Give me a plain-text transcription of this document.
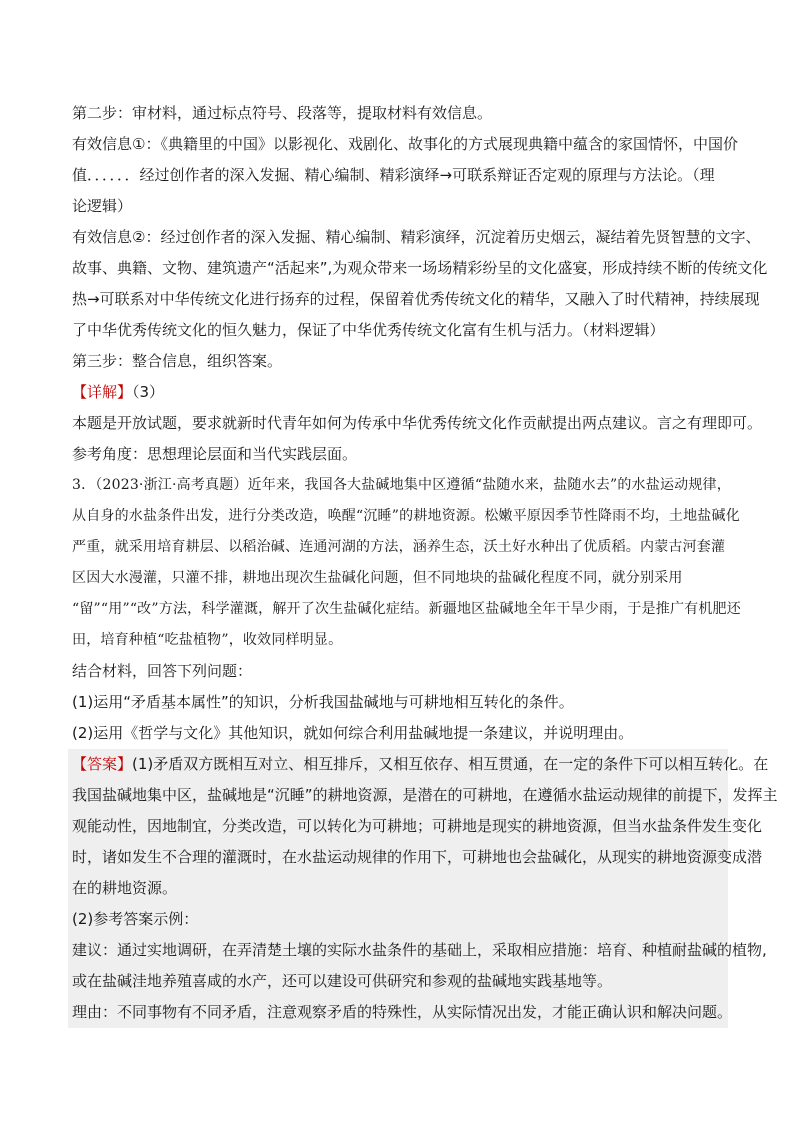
第二步：审材料，通过标点符号、段落等，提取材料有效信息。
有效信息①：《典籍里的中国》以影视化、戏剧化、故事化的方式展现典籍中蕴含的家国情怀，中国价
值．．．．．．经过创作者的深入发掘、精心编制、精彩演绎→可联系辩证否定观的原理与方法论。（理
论逻辑）
有效信息②：经过创作者的深入发掘、精心编制、精彩演绎，沉淀着历史烟云，凝结着先贤智慧的文字、
故事、典籍、文物、建筑遗产“活起来”,为观众带来一场场精彩纷呈的文化盛宴，形成持续不断的传统文化
热→可联系对中华传统文化进行扬弃的过程，保留着优秀传统文化的精华，又融入了时代精神，持续展现
了中华优秀传统文化的恒久魅力，保证了中华优秀传统文化富有生机与活力。（材料逻辑）
第三步：整合信息，组织答案。
【详解】（3）
本题是开放试题，要求就新时代青年如何为传承中华优秀传统文化作贡献提出两点建议。言之有理即可。
参考角度：思想理论层面和当代实践层面。
3．（2023·浙江·高考真题）近年来，我国各大盐碱地集中区遵循“盐随水来，盐随水去”的水盐运动规律，
从自身的水盐条件出发，进行分类改造，唤醒“沉睡”的耕地资源。松嫩平原因季节性降雨不均，土地盐碱化
严重，就采用培育耕层、以稻治碱、连通河湖的方法，涵养生态，沃土好水种出了优质稻。内蒙古河套灌
区因大水漫灌，只灌不排，耕地出现次生盐碱化问题，但不同地块的盐碱化程度不同，就分别采用
“留”“用”“改”方法，科学灌溉，解开了次生盐碱化症结。新疆地区盐碱地全年干旱少雨，于是推广有机肥还
田，培育种植“吃盐植物”，收效同样明显。
结合材料，回答下列问题：
(1)运用“矛盾基本属性”的知识，分析我国盐碱地与可耕地相互转化的条件。
(2)运用《哲学与文化》其他知识，就如何综合利用盐碱地提一条建议，并说明理由。
【答案】(1)矛盾双方既相互对立、相互排斥，又相互依存、相互贯通，在一定的条件下可以相互转化。在
我国盐碱地集中区，盐碱地是“沉睡”的耕地资源，是潜在的可耕地，在遵循水盐运动规律的前提下，发挥主
观能动性，因地制宜，分类改造，可以转化为可耕地；可耕地是现实的耕地资源，但当水盐条件发生变化
时，诸如发生不合理的灌溉时，在水盐运动规律的作用下，可耕地也会盐碱化，从现实的耕地资源变成潜
在的耕地资源。
(2)参考答案示例：
建议：通过实地调研，在弄清楚土壤的实际水盐条件的基础上，采取相应措施：培育、种植耐盐碱的植物,
或在盐碱洼地养殖喜咸的水产，还可以建设可供研究和参观的盐碱地实践基地等。
理由：不同事物有不同矛盾，注意观察矛盾的特殊性，从实际情况出发，才能正确认识和解决问题。
